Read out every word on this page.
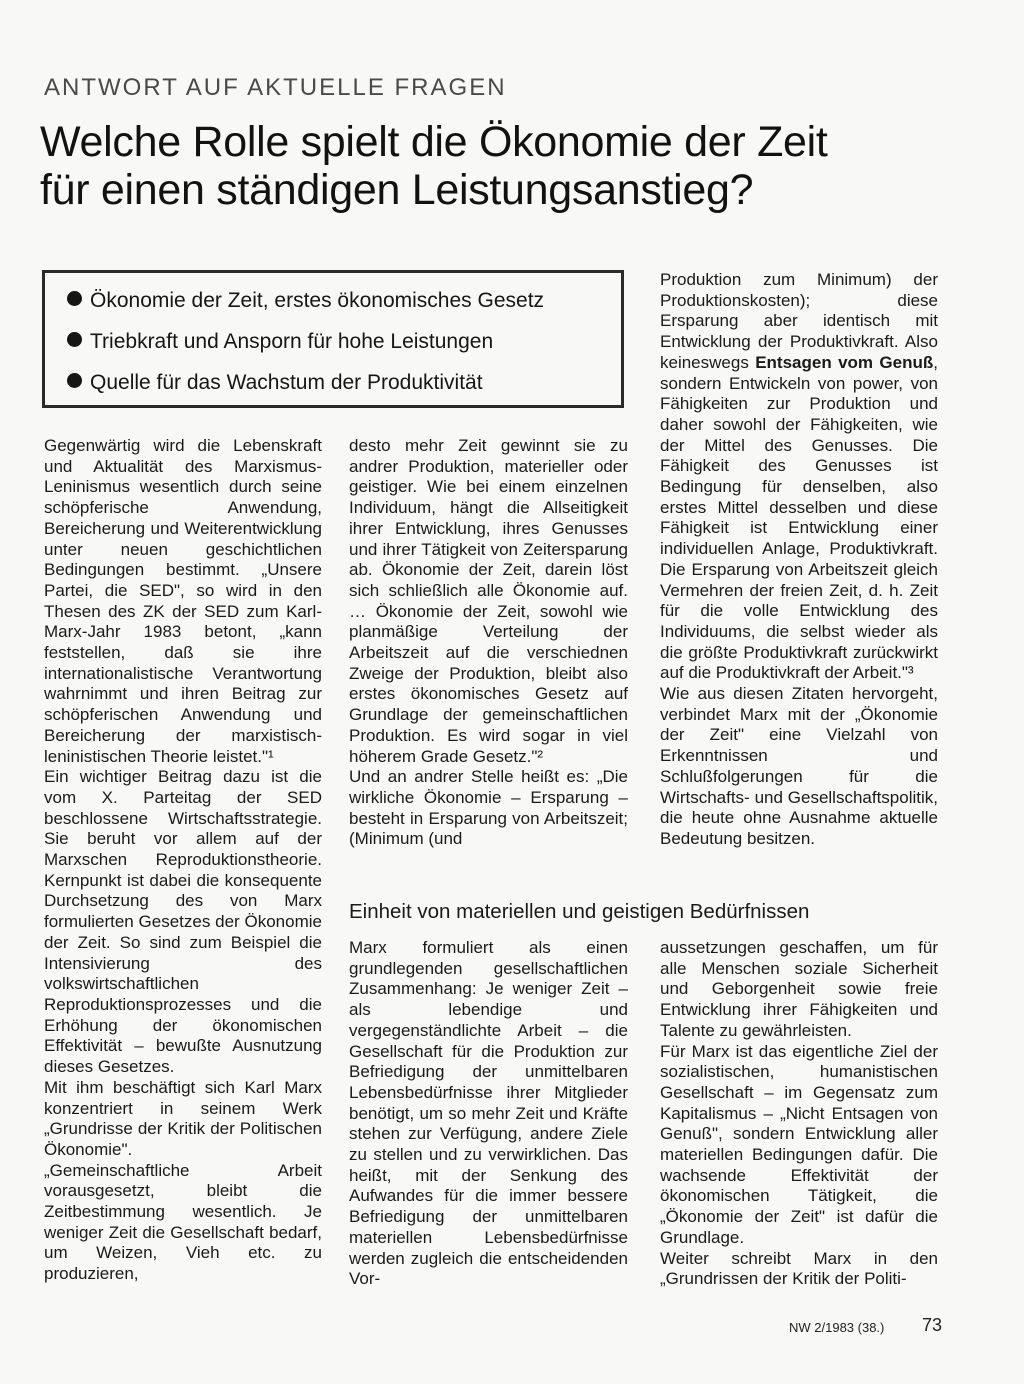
ANTWORT AUF AKTUELLE FRAGEN
Welche Rolle spielt die Ökonomie der Zeit
für einen ständigen Leistungsanstieg?
Ökonomie der Zeit, erstes ökonomisches Gesetz
Triebkraft und Ansporn für hohe Leistungen
Quelle für das Wachstum der Produktivität

Gegenwärtig wird die Lebenskraft und Aktualität des Marxismus-Leninismus wesentlich durch seine schöpferische Anwendung, Bereicherung und Weiterentwicklung unter neuen geschichtlichen Bedingungen bestimmt. „Unsere Partei, die SED", so wird in den Thesen des ZK der SED zum Karl-Marx-Jahr 1983 betont, „kann feststellen, daß sie ihre internationalistische Verantwortung wahrnimmt und ihren Beitrag zur schöpferischen Anwendung und Bereicherung der marxistisch-leninistischen Theorie leistet."¹

Ein wichtiger Beitrag dazu ist die vom X. Parteitag der SED beschlossene Wirtschaftsstrategie. Sie beruht vor allem auf der Marxschen Reproduktionstheorie. Kernpunkt ist dabei die konsequente Durchsetzung des von Marx formulierten Gesetzes der Ökonomie der Zeit. So sind zum Beispiel die Intensivierung des volkswirtschaftlichen Reproduktionsprozesses und die Erhöhung der ökonomischen Effektivität – bewußte Ausnutzung dieses Gesetzes.

Mit ihm beschäftigt sich Karl Marx konzentriert in seinem Werk „Grundrisse der Kritik der Politischen Ökonomie".

„Gemeinschaftliche Arbeit vorausgesetzt, bleibt die Zeitbestimmung wesentlich. Je weniger Zeit die Gesellschaft bedarf, um Weizen, Vieh etc. zu produzieren,

desto mehr Zeit gewinnt sie zu andrer Produktion, materieller oder geistiger. Wie bei einem einzelnen Individuum, hängt die Allseitigkeit ihrer Entwicklung, ihres Genusses und ihrer Tätigkeit von Zeitersparung ab. Ökonomie der Zeit, darein löst sich schließlich alle Ökonomie auf. … Ökonomie der Zeit, sowohl wie planmäßige Verteilung der Arbeitszeit auf die verschiednen Zweige der Produktion, bleibt also erstes ökonomisches Gesetz auf Grundlage der gemeinschaftlichen Produktion. Es wird sogar in viel höherem Grade Gesetz."²

Und an andrer Stelle heißt es: „Die wirkliche Ökonomie – Ersparung – besteht in Ersparung von Arbeitszeit; (Minimum (und

Produktion zum Minimum) der Produktionskosten); diese Ersparung aber identisch mit Entwicklung der Produktivkraft. Also keineswegs Entsagen vom Genuß, sondern Entwickeln von power, von Fähigkeiten zur Produktion und daher sowohl der Fähigkeiten, wie der Mittel des Genusses. Die Fähigkeit des Genusses ist Bedingung für denselben, also erstes Mittel desselben und diese Fähigkeit ist Entwicklung einer individuellen Anlage, Produktivkraft. Die Ersparung von Arbeitszeit gleich Vermehren der freien Zeit, d. h. Zeit für die volle Entwicklung des Individuums, die selbst wieder als die größte Produktivkraft zurückwirkt auf die Produktivkraft der Arbeit."³

Wie aus diesen Zitaten hervorgeht, verbindet Marx mit der „Ökonomie der Zeit" eine Vielzahl von Erkenntnissen und Schlußfolgerungen für die Wirtschafts- und Gesellschaftspolitik, die heute ohne Ausnahme aktuelle Bedeutung besitzen.

Einheit von materiellen und geistigen Bedürfnissen

Marx formuliert als einen grundlegenden gesellschaftlichen Zusammenhang: Je weniger Zeit – als lebendige und vergegenständlichte Arbeit – die Gesellschaft für die Produktion zur Befriedigung der unmittelbaren Lebensbedürfnisse ihrer Mitglieder benötigt, um so mehr Zeit und Kräfte stehen zur Verfügung, andere Ziele zu stellen und zu verwirklichen. Das heißt, mit der Senkung des Aufwandes für die immer bessere Befriedigung der unmittelbaren materiellen Lebensbedürfnisse werden zugleich die entscheidenden Vor-

aussetzungen geschaffen, um für alle Menschen soziale Sicherheit und Geborgenheit sowie freie Entwicklung ihrer Fähigkeiten und Talente zu gewährleisten.

Für Marx ist das eigentliche Ziel der sozialistischen, humanistischen Gesellschaft – im Gegensatz zum Kapitalismus – „Nicht Entsagen von Genuß", sondern Entwicklung aller materiellen Bedingungen dafür. Die wachsende Effektivität der ökonomischen Tätigkeit, die „Ökonomie der Zeit" ist dafür die Grundlage.

Weiter schreibt Marx in den „Grundrissen der Kritik der Politi-

NW 2/1983 (38.) 73
